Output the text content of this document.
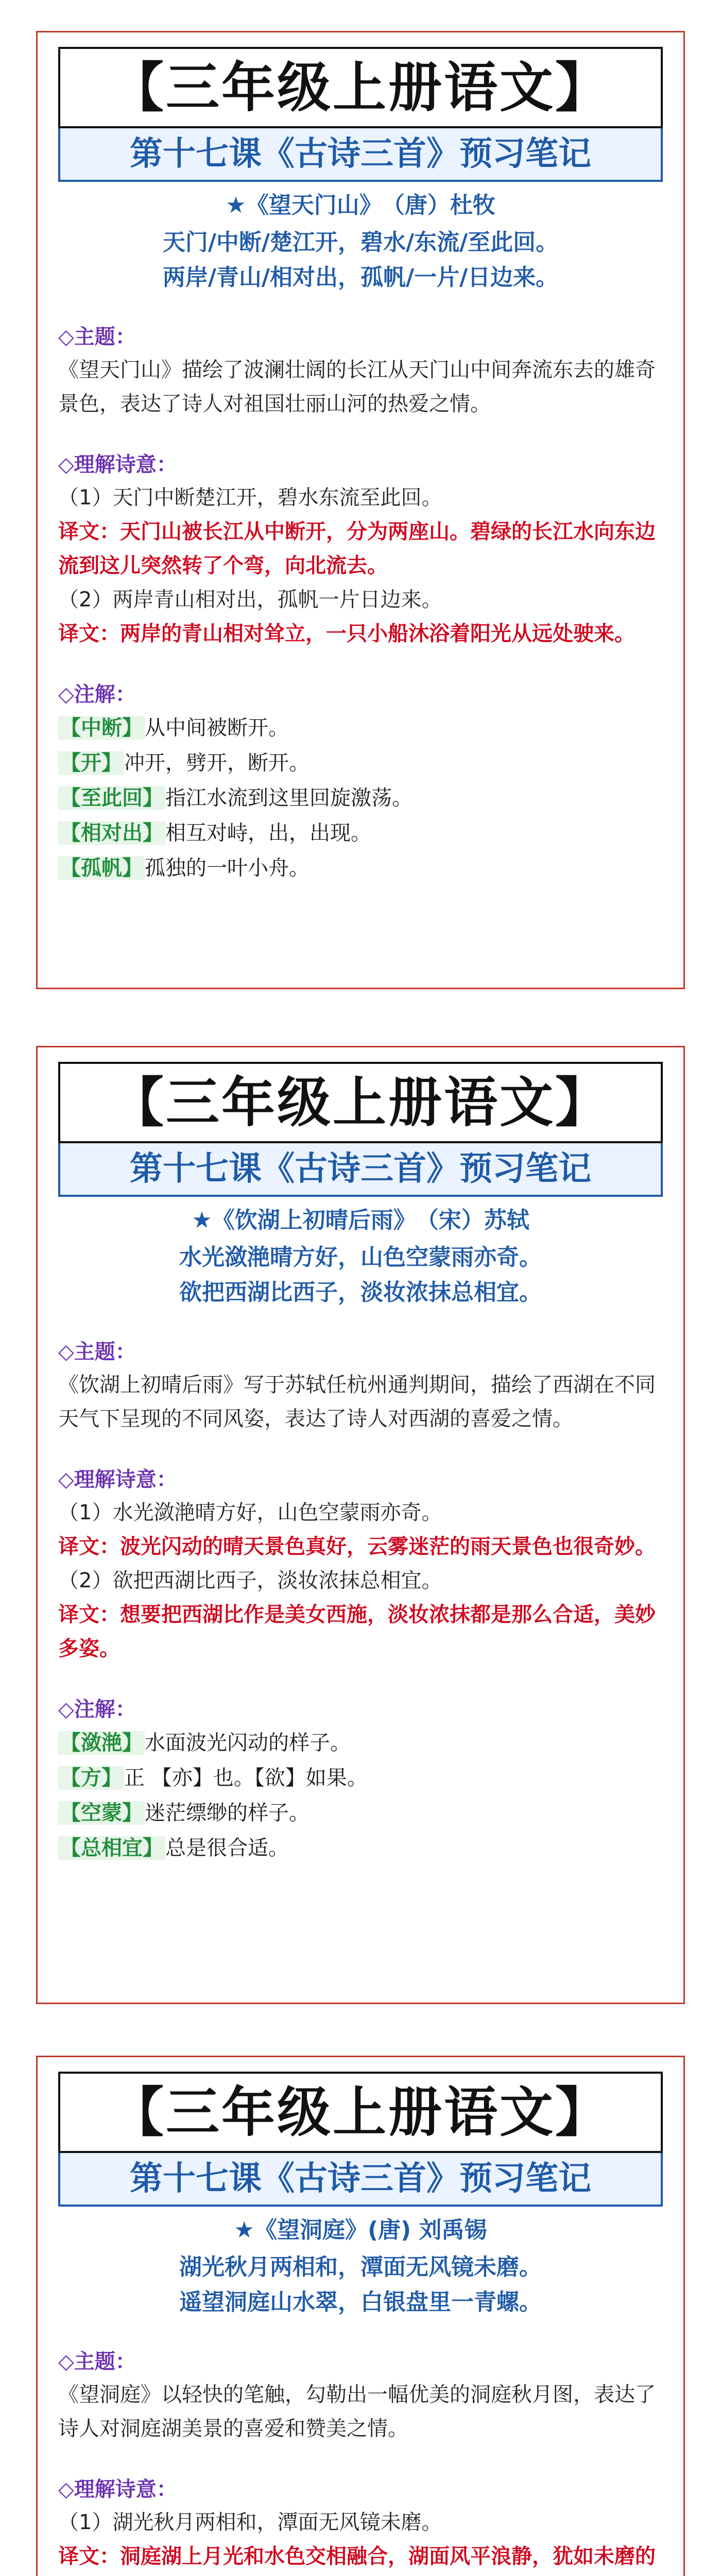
【三年级上册语文】
第十七课《古诗三首》预习笔记
★《望天门山》　（唐）杜牧
天门/中断/楚江开，碧水/东流/至此回。
两岸/青山/相对出，孤帆/一片/日边来。
◇主题：
《望天门山》描绘了波澜壮阔的长江从天门山中间奔流东去的雄奇景色，表达了诗人对祖国壮丽山河的热爱之情。
◇理解诗意：
（1）天门中断楚江开，碧水东流至此回。
译文：天门山被长江从中断开，分为两座山。碧绿的长江水向东边流到这儿突然转了个弯，向北流去。
（2）两岸青山相对出，孤帆一片日边来。
译文：两岸的青山相对耸立，一只小船沐浴着阳光从远处驶来。
◇注解：
【中断】 从中间被断开。
【开】 冲开，劈开，断开。
【至此回】 指江水流到这里回旋激荡。
【相对出】 相互对峙，出，出现。
【孤帆】 孤独的一叶小舟。
【三年级上册语文】
第十七课《古诗三首》预习笔记
★《饮湖上初晴后雨》　（宋）苏轼
水光潋滟晴方好，山色空蒙雨亦奇。
欲把西湖比西子，淡妆浓抹总相宜。
◇主题：
《饮湖上初晴后雨》写于苏轼任杭州通判期间，描绘了西湖在不同天气下呈现的不同风姿，表达了诗人对西湖的喜爱之情。
◇理解诗意：
（1）水光潋滟晴方好，山色空蒙雨亦奇。
译文：波光闪动的晴天景色真好，云雾迷茫的雨天景色也很奇妙。
（2）欲把西湖比西子，淡妆浓抹总相宜。
译文：想要把西湖比作是美女西施，淡妆浓抹都是那么合适，美妙多姿。
◇注解：
【潋滟】 水面波光闪动的样子。
【方】 正 【亦】也。【欲】如果。
【空蒙】 迷茫缥缈的样子。
【总相宜】 总是很合适。
【三年级上册语文】
第十七课《古诗三首》预习笔记
★《望洞庭》(唐) 刘禹锡
湖光秋月两相和，潭面无风镜未磨。
遥望洞庭山水翠，白银盘里一青螺。
◇主题：
《望洞庭》以轻快的笔触，勾勒出一幅优美的洞庭秋月图，表达了诗人对洞庭湖美景的喜爱和赞美之情。
◇理解诗意：
（1）湖光秋月两相和，潭面无风镜未磨。
译文：洞庭湖上月光和水色交相融合，湖面风平浪静，犹如未磨的
